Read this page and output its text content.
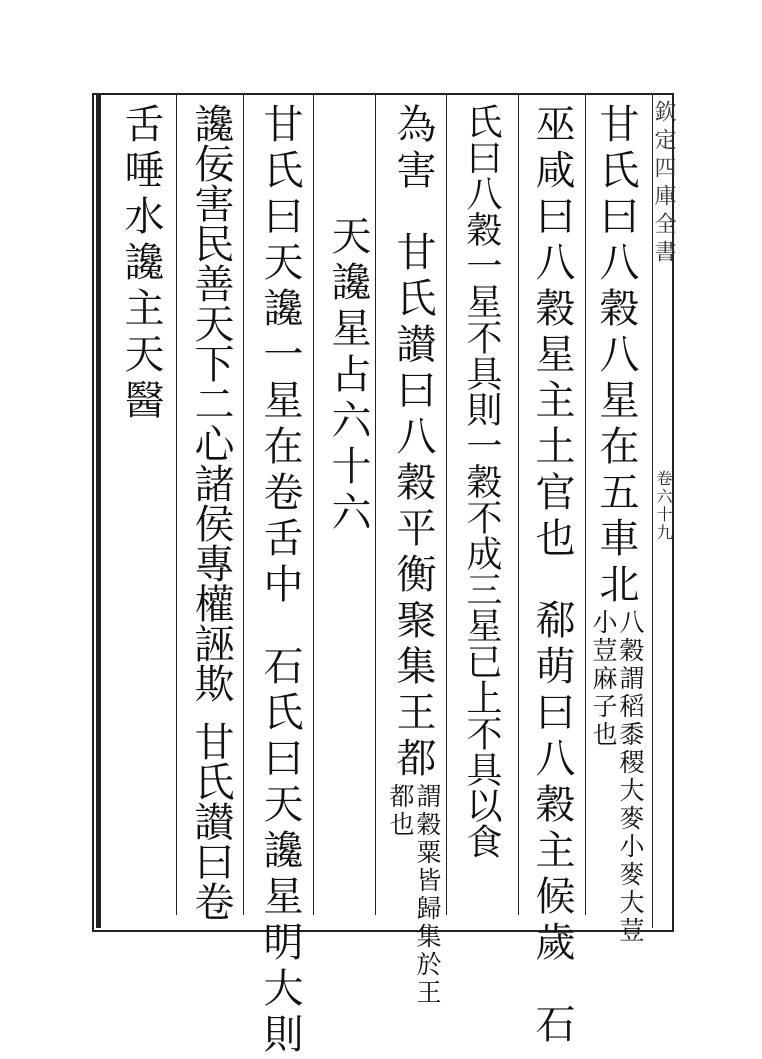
欽定四庫全書
卷六十九
甘氏曰八穀八星在五車北八穀謂稻黍稷大麥小麥大荳小荳麻子也
巫咸曰八穀星主土官也郗萌曰八穀主候歲石
氏曰八穀一星不具則一穀不成三星已上不具以食
為害甘氏讃曰八穀平衡聚集王都謂穀粟皆歸集於王都也
天讒星占六十六
甘氏曰天讒一星在卷舌中石氏曰天讒星明大則
讒佞害民善天下二心諸侯專權誣欺甘氏讃曰卷
舌唾水讒主天醫
